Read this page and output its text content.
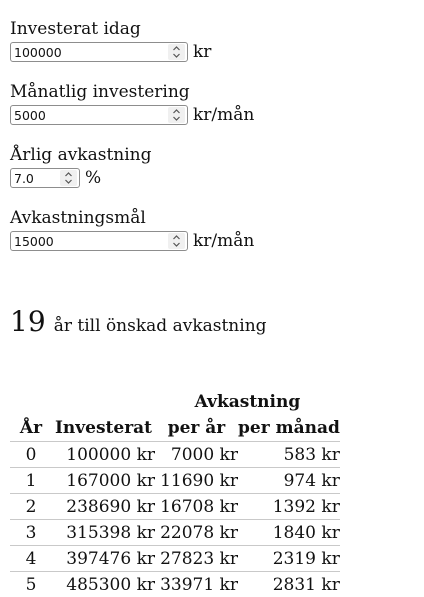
Investerat idag
100000	kr
Månatlig investering
5000	kr/mån
Årlig avkastning
7.0	%
Avkastningsmål
15000	kr/mån
19 år till önskad avkastning
		Avkastning	
År	Investerat	per år	per månad
0	100000 kr	7000 kr	583 kr
1	167000 kr	11690 kr	974 kr
2	238690 kr	16708 kr	1392 kr
3	315398 kr	22078 kr	1840 kr
4	397476 kr	27823 kr	2319 kr
5	485300 kr	33971 kr	2831 kr
